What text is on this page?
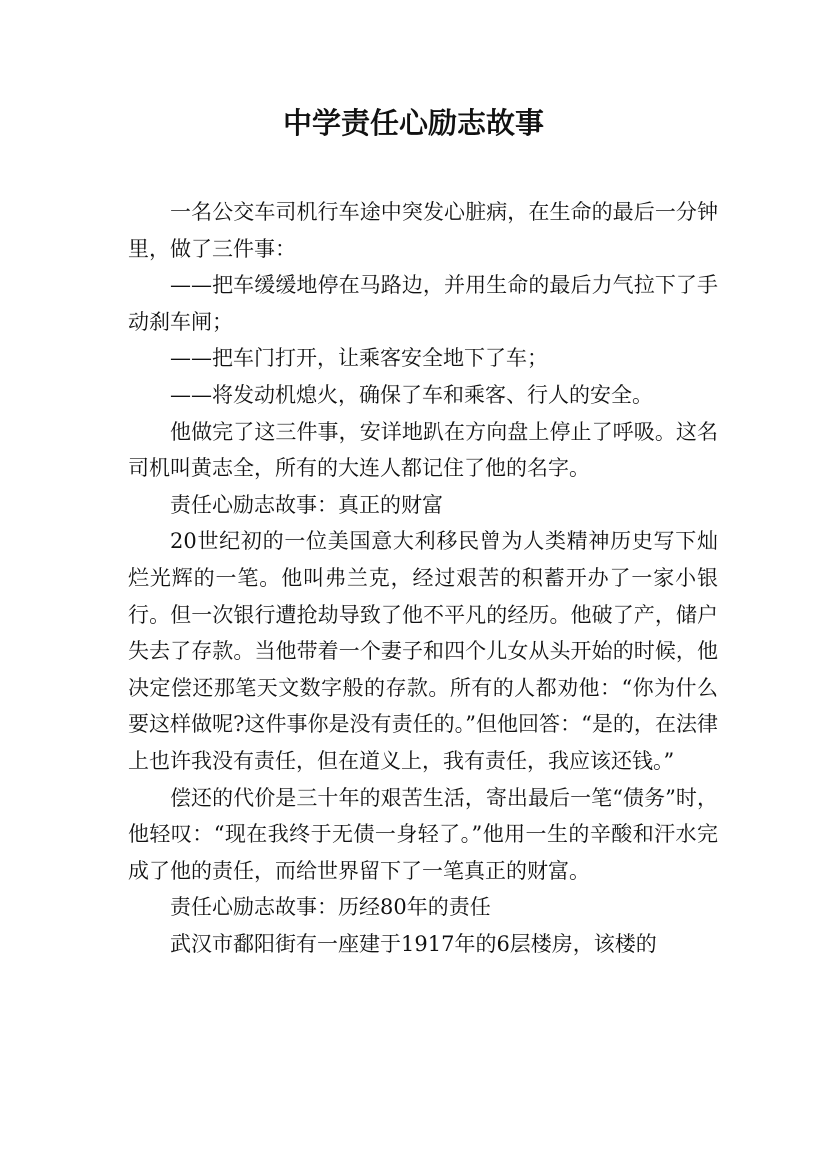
中学责任心励志故事

一名公交车司机行车途中突发心脏病，在生命的最后一分钟里，做了三件事：

——把车缓缓地停在马路边，并用生命的最后力气拉下了手动刹车闸；

——把车门打开，让乘客安全地下了车；

——将发动机熄火，确保了车和乘客、行人的安全。

他做完了这三件事，安详地趴在方向盘上停止了呼吸。这名司机叫黄志全，所有的大连人都记住了他的名字。

责任心励志故事：真正的财富

20世纪初的一位美国意大利移民曾为人类精神历史写下灿烂光辉的一笔。他叫弗兰克，经过艰苦的积蓄开办了一家小银行。但一次银行遭抢劫导致了他不平凡的经历。他破了产，储户失去了存款。当他带着一个妻子和四个儿女从头开始的时候，他决定偿还那笔天文数字般的存款。所有的人都劝他：“你为什么要这样做呢?这件事你是没有责任的。”但他回答：“是的，在法律上也许我没有责任，但在道义上，我有责任，我应该还钱。”

偿还的代价是三十年的艰苦生活，寄出最后一笔“债务”时，他轻叹：“现在我终于无债一身轻了。”他用一生的辛酸和汗水完成了他的责任，而给世界留下了一笔真正的财富。

责任心励志故事：历经80年的责任

武汉市鄱阳街有一座建于1917年的6层楼房，该楼的
